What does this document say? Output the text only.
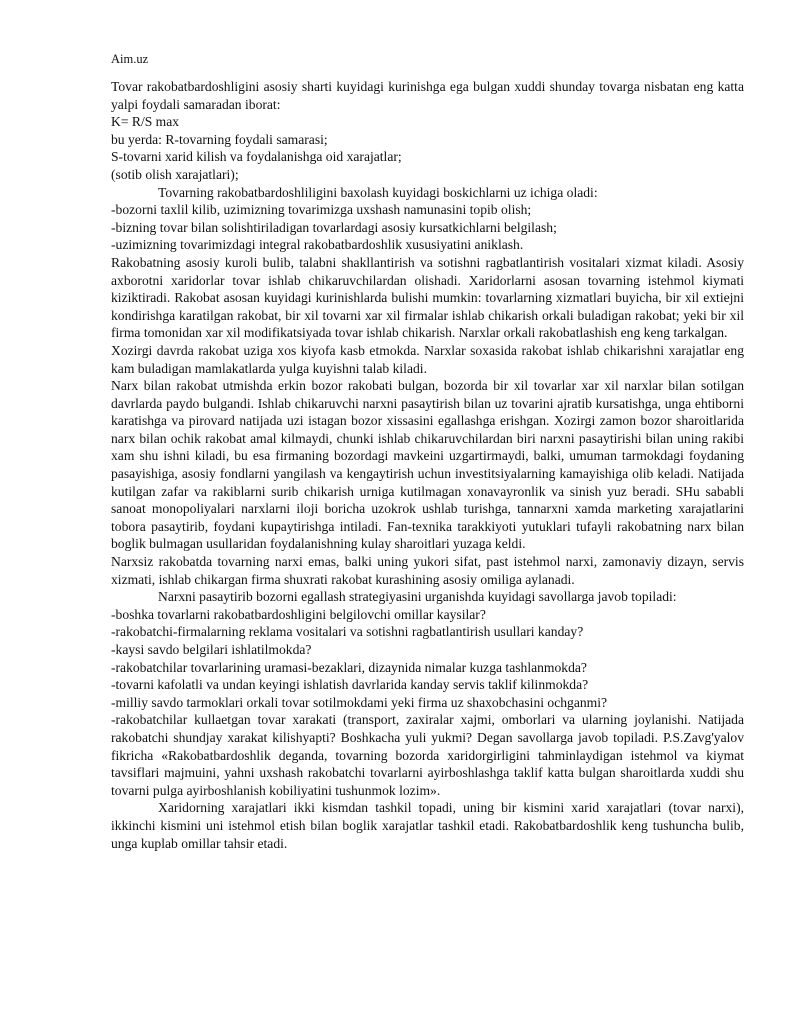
Aim.uz

Tovar rakobatbardoshligini asosiy sharti kuyidagi kurinishga ega bulgan xuddi shunday tovarga nisbatan eng katta yalpi foydali samaradan iborat:

K= R/S max

bu yerda: R-tovarning foydali samarasi;

S-tovarni xarid kilish va foydalanishga oid xarajatlar;

(sotib olish xarajatlari);

Tovarning rakobatbardoshliligini baxolash kuyidagi boskichlarni uz ichiga oladi:

-bozorni taxlil kilib, uzimizning tovarimizga uxshash namunasini topib olish;

-bizning tovar bilan solishtiriladigan tovarlardagi asosiy kursatkichlarni belgilash;

-uzimizning tovarimizdagi integral rakobatbardoshlik xususiyatini aniklash.

Rakobatning asosiy kuroli bulib, talabni shakllantirish va sotishni ragbatlantirish vositalari xizmat kiladi. Asosiy axborotni xaridorlar tovar ishlab chikaruvchilardan olishadi. Xaridorlarni asosan tovarning istehmol kiymati kiziktiradi. Rakobat asosan kuyidagi kurinishlarda bulishi mumkin: tovarlarning xizmatlari buyicha, bir xil extiejni kondirishga karatilgan rakobat, bir xil tovarni xar xil firmalar ishlab chikarish orkali buladigan rakobat; yeki bir xil firma tomonidan xar xil modifikatsiyada tovar ishlab chikarish. Narxlar orkali rakobatlashish eng keng tarkalgan.

Xozirgi davrda rakobat uziga xos kiyofa kasb etmokda. Narxlar soxasida rakobat ishlab chikarishni xarajatlar eng kam buladigan mamlakatlarda yulga kuyishni talab kiladi.

Narx bilan rakobat utmishda erkin bozor rakobati bulgan, bozorda bir xil tovarlar xar xil narxlar bilan sotilgan davrlarda paydo bulgandi. Ishlab chikaruvchi narxni pasaytirish bilan uz tovarini ajratib kursatishga, unga ehtiborni karatishga va pirovard natijada uzi istagan bozor xissasini egallashga erishgan. Xozirgi zamon bozor sharoitlarida narx bilan ochik rakobat amal kilmaydi, chunki ishlab chikaruvchilardan biri narxni pasaytirishi bilan uning rakibi xam shu ishni kiladi, bu esa firmaning bozordagi mavkeini uzgartirmaydi, balki, umuman tarmokdagi foydaning pasayishiga, asosiy fondlarni yangilash va kengaytirish uchun investitsiyalarning kamayishiga olib keladi. Natijada kutilgan zafar va rakiblarni surib chikarish urniga kutilmagan xonavayronlik va sinish yuz beradi. SHu sababli sanoat monopoliyalari narxlarni iloji boricha uzokrok ushlab turishga, tannarxni xamda marketing xarajatlarini tobora pasaytirib, foydani kupaytirishga intiladi. Fan-texnika tarakkiyoti yutuklari tufayli rakobatning narx bilan boglik bulmagan usullaridan foydalanishning kulay sharoitlari yuzaga keldi.

Narxsiz rakobatda tovarning narxi emas, balki uning yukori sifat, past istehmol narxi, zamonaviy dizayn, servis xizmati, ishlab chikargan firma shuxrati rakobat kurashining asosiy omiliga aylanadi.

Narxni pasaytirib bozorni egallash strategiyasini urganishda kuyidagi savollarga javob topiladi:

-boshka tovarlarni rakobatbardoshligini belgilovchi omillar kaysilar?

-rakobatchi-firmalarning reklama vositalari va sotishni ragbatlantirish usullari kanday?

-kaysi savdo belgilari ishlatilmokda?

-rakobatchilar tovarlarining uramasi-bezaklari, dizaynida nimalar kuzga tashlanmokda?

-tovarni kafolatli va undan keyingi ishlatish davrlarida kanday servis taklif kilinmokda?

-milliy savdo tarmoklari orkali tovar sotilmokdami yeki firma uz shaxobchasini ochganmi?

-rakobatchilar kullaetgan tovar xarakati (transport, zaxiralar xajmi, omborlari va ularning joylanishi. Natijada rakobatchi shundjay xarakat kilishyapti? Boshkacha yuli yukmi? Degan savollarga javob topiladi. P.S.Zavg'yalov fikricha «Rakobatbardoshlik deganda, tovarning bozorda xaridorgirligini tahminlaydigan istehmol va kiymat tavsiflari majmuini, yahni uxshash rakobatchi tovarlarni ayirboshlashga taklif katta bulgan sharoitlarda xuddi shu tovarni pulga ayirboshlanish kobiliyatini tushunmok lozim».

Xaridorning xarajatlari ikki kismdan tashkil topadi, uning bir kismini xarid xarajatlari (tovar narxi), ikkinchi kismini uni istehmol etish bilan boglik xarajatlar tashkil etadi. Rakobatbardoshlik keng tushuncha bulib, unga kuplab omillar tahsir etadi.
